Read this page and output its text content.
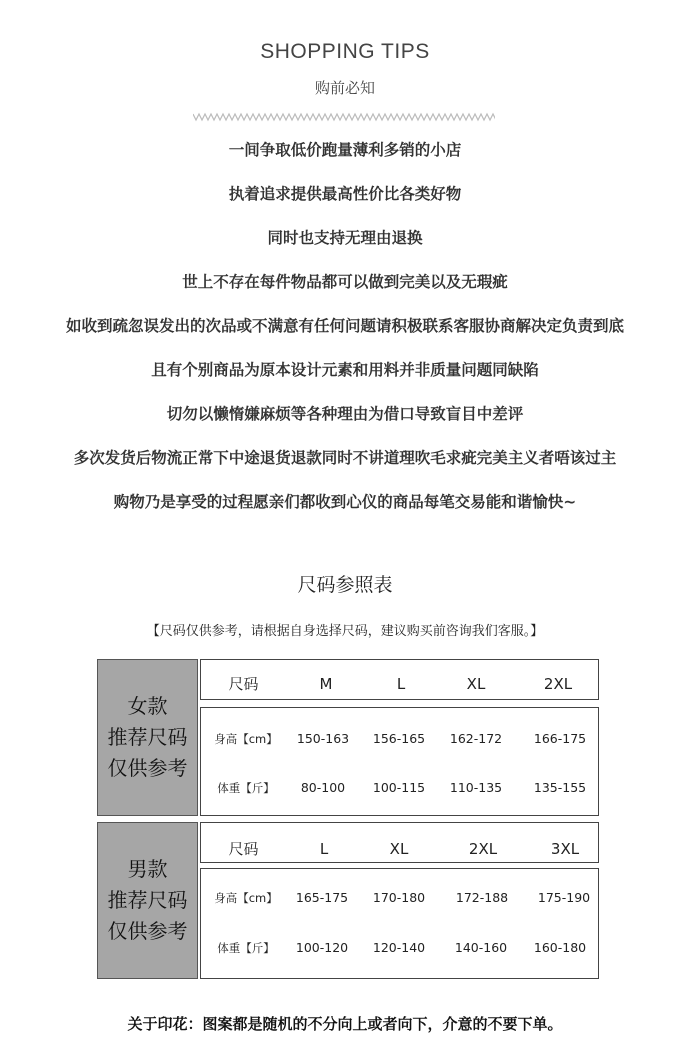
SHOPPING TIPS
购前必知
一间争取低价跑量薄利多销的小店
执着追求提供最高性价比各类好物
同时也支持无理由退换
世上不存在每件物品都可以做到完美以及无瑕疵
如收到疏忽误发出的次品或不满意有任何问题请积极联系客服协商解决定负责到底
且有个别商品为原本设计元素和用料并非质量问题同缺陷
切勿以懒惰嫌麻烦等各种理由为借口导致盲目中差评
多次发货后物流正常下中途退货退款同时不讲道理吹毛求疵完美主义者唔该过主
购物乃是享受的过程愿亲们都收到心仪的商品每笔交易能和谐愉快~
尺码参照表
【尺码仅供参考，请根据自身选择尺码，建议购买前咨询我们客服。】
女款
推荐尺码
仅供参考
尺码	M	L	XL	2XL
身高【cm】	150-163	156-165	162-172	166-175
体重【斤】	80-100	100-115	110-135	135-155
男款
推荐尺码
仅供参考
尺码	L	XL	2XL	3XL
身高【cm】	165-175	170-180	172-188	175-190
体重【斤】	100-120	120-140	140-160	160-180
关于印花：图案都是随机的不分向上或者向下，介意的不要下单。
